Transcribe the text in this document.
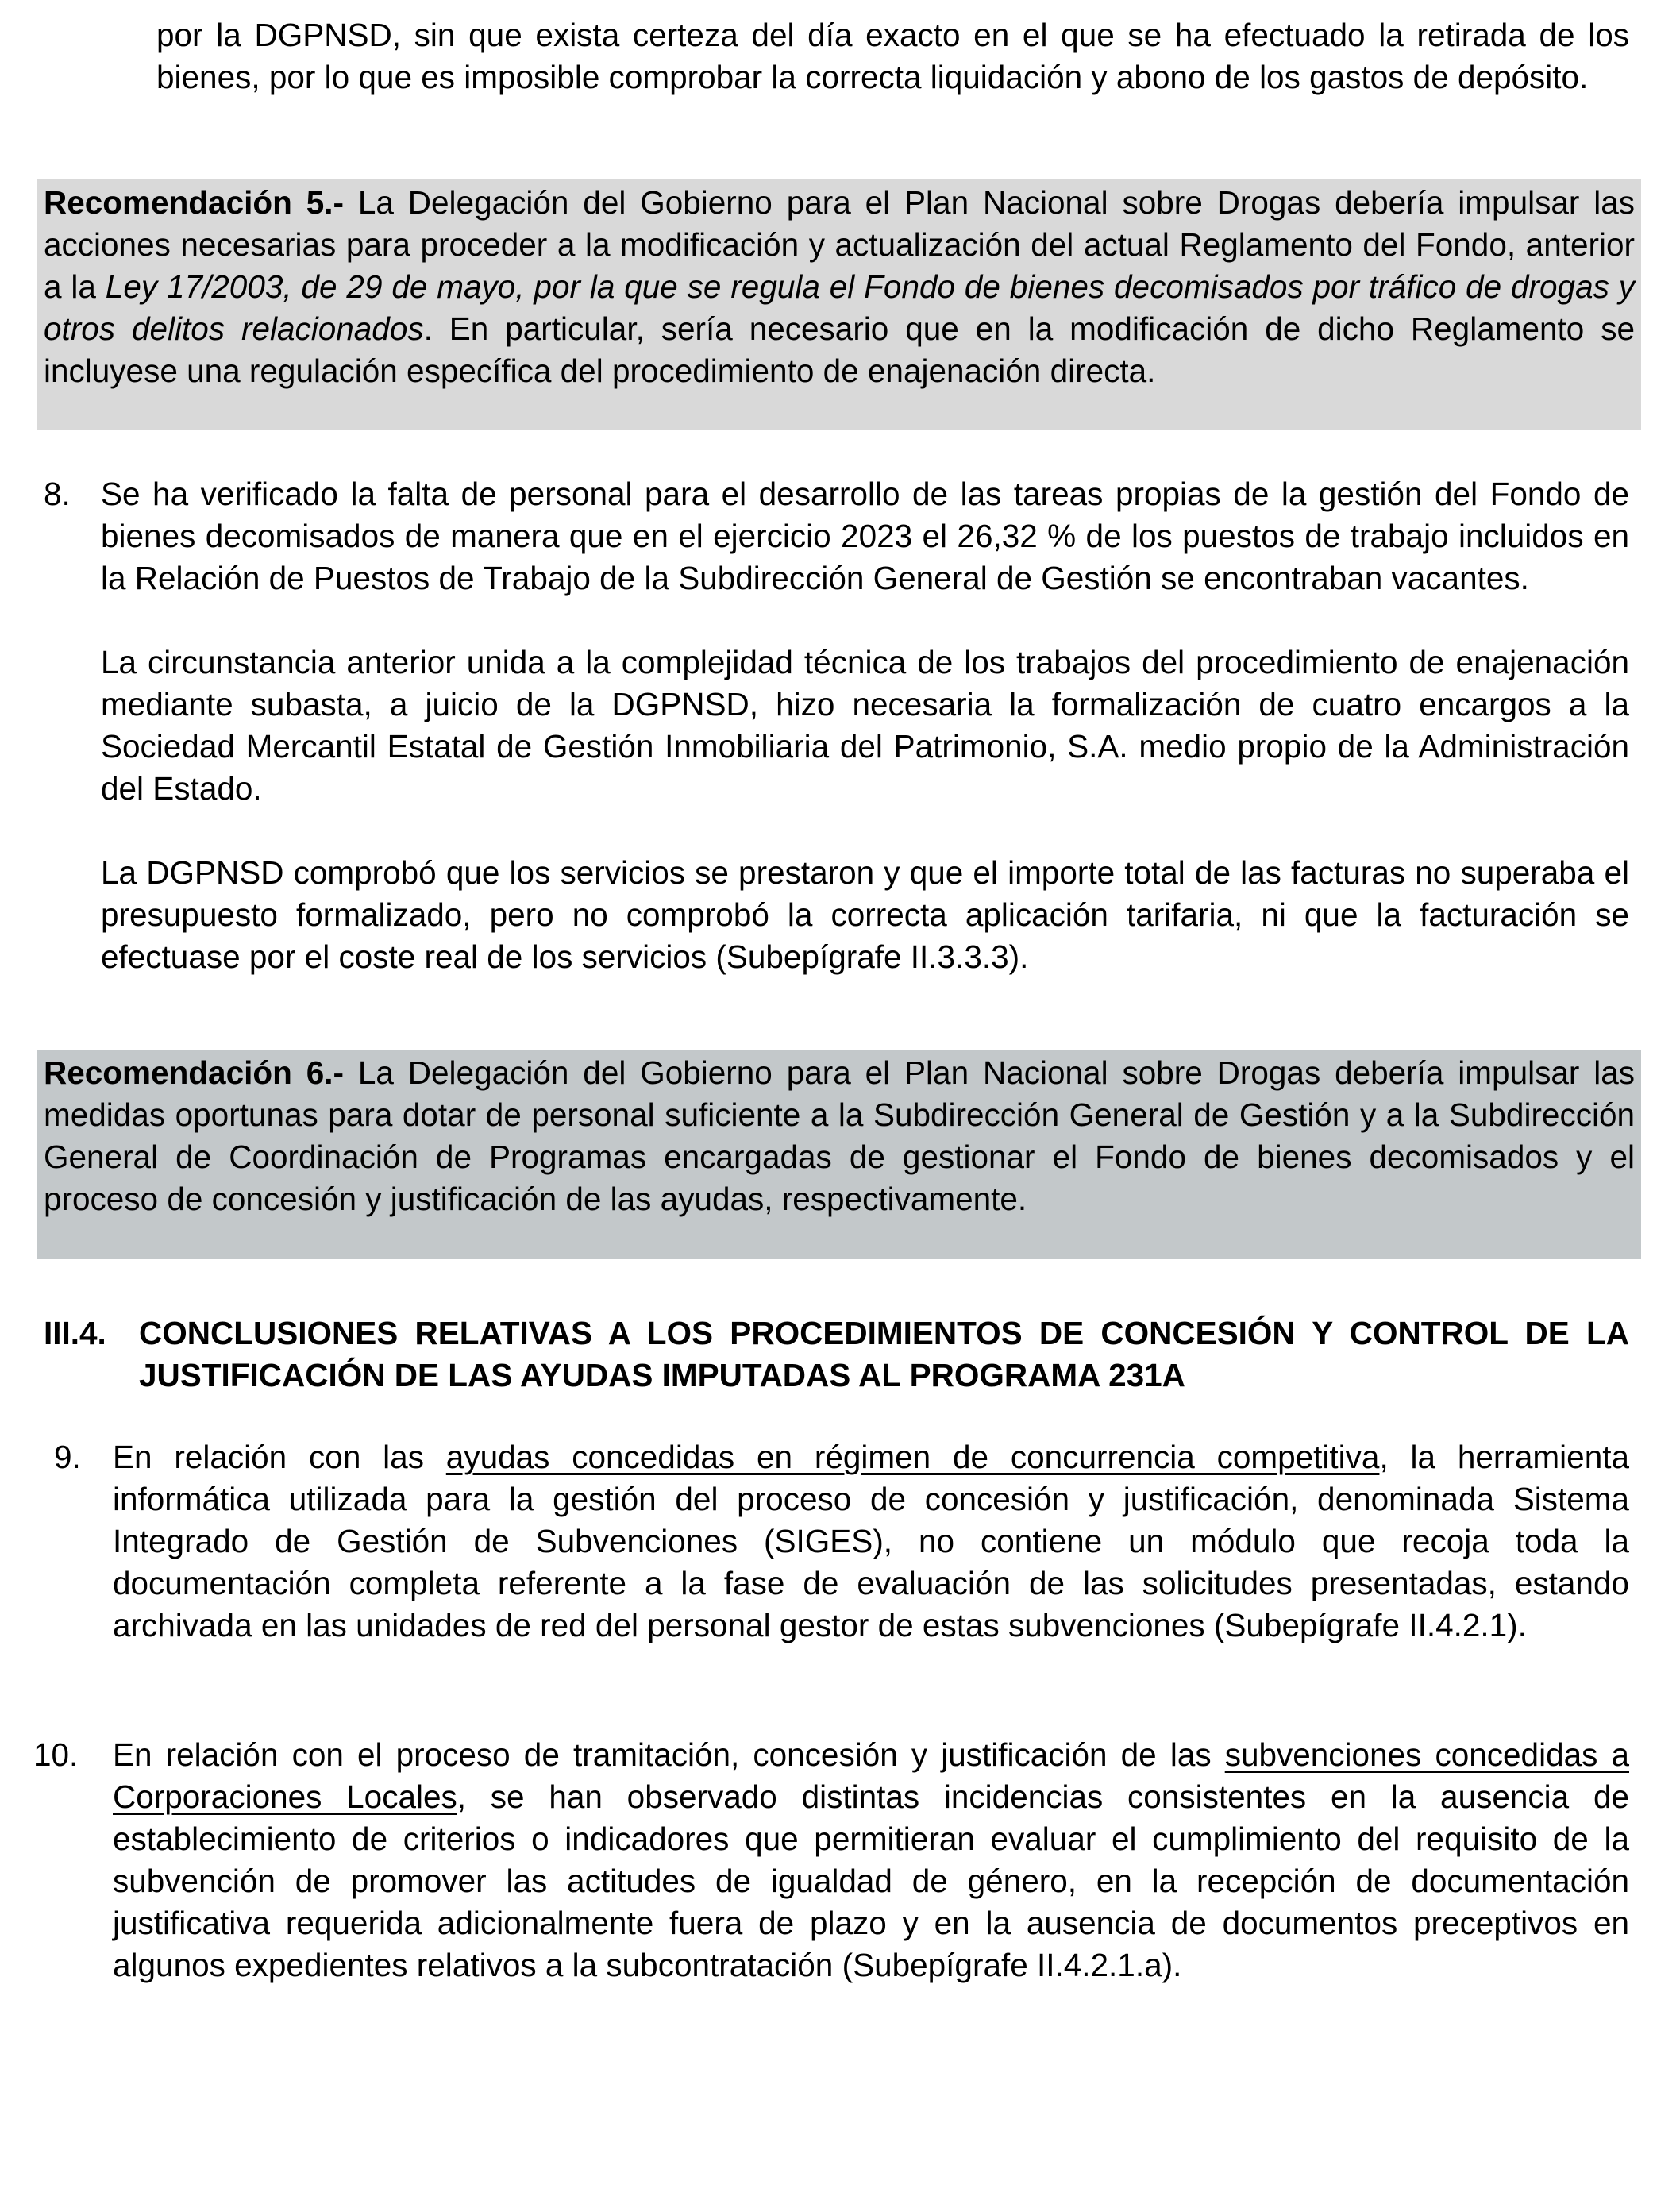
por la DGPNSD, sin que exista certeza del día exacto en el que se ha efectuado la retirada de los bienes, por lo que es imposible comprobar la correcta liquidación y abono de los gastos de depósito.
Recomendación 5.- La Delegación del Gobierno para el Plan Nacional sobre Drogas debería impulsar las acciones necesarias para proceder a la modificación y actualización del actual Reglamento del Fondo, anterior a la Ley 17/2003, de 29 de mayo, por la que se regula el Fondo de bienes decomisados por tráfico de drogas y otros delitos relacionados. En particular, sería necesario que en la modificación de dicho Reglamento se incluyese una regulación específica del procedimiento de enajenación directa.
8. Se ha verificado la falta de personal para el desarrollo de las tareas propias de la gestión del Fondo de bienes decomisados de manera que en el ejercicio 2023 el 26,32 % de los puestos de trabajo incluidos en la Relación de Puestos de Trabajo de la Subdirección General de Gestión se encontraban vacantes.

La circunstancia anterior unida a la complejidad técnica de los trabajos del procedimiento de enajenación mediante subasta, a juicio de la DGPNSD, hizo necesaria la formalización de cuatro encargos a la Sociedad Mercantil Estatal de Gestión Inmobiliaria del Patrimonio, S.A. medio propio de la Administración del Estado.

La DGPNSD comprobó que los servicios se prestaron y que el importe total de las facturas no superaba el presupuesto formalizado, pero no comprobó la correcta aplicación tarifaria, ni que la facturación se efectuase por el coste real de los servicios (Subepígrafe II.3.3.3).

Recomendación 6.- La Delegación del Gobierno para el Plan Nacional sobre Drogas debería impulsar las medidas oportunas para dotar de personal suficiente a la Subdirección General de Gestión y a la Subdirección General de Coordinación de Programas encargadas de gestionar el Fondo de bienes decomisados y el proceso de concesión y justificación de las ayudas, respectivamente.
III.4. CONCLUSIONES RELATIVAS A LOS PROCEDIMIENTOS DE CONCESIÓN Y CONTROL DE LA JUSTIFICACIÓN DE LAS AYUDAS IMPUTADAS AL PROGRAMA 231A
9. En relación con las ayudas concedidas en régimen de concurrencia competitiva, la herramienta informática utilizada para la gestión del proceso de concesión y justificación, denominada Sistema Integrado de Gestión de Subvenciones (SIGES), no contiene un módulo que recoja toda la documentación completa referente a la fase de evaluación de las solicitudes presentadas, estando archivada en las unidades de red del personal gestor de estas subvenciones (Subepígrafe II.4.2.1).
10. En relación con el proceso de tramitación, concesión y justificación de las subvenciones concedidas a Corporaciones Locales, se han observado distintas incidencias consistentes en la ausencia de establecimiento de criterios o indicadores que permitieran evaluar el cumplimiento del requisito de la subvención de promover las actitudes de igualdad de género, en la recepción de documentación justificativa requerida adicionalmente fuera de plazo y en la ausencia de documentos preceptivos en algunos expedientes relativos a la subcontratación (Subepígrafe II.4.2.1.a).
